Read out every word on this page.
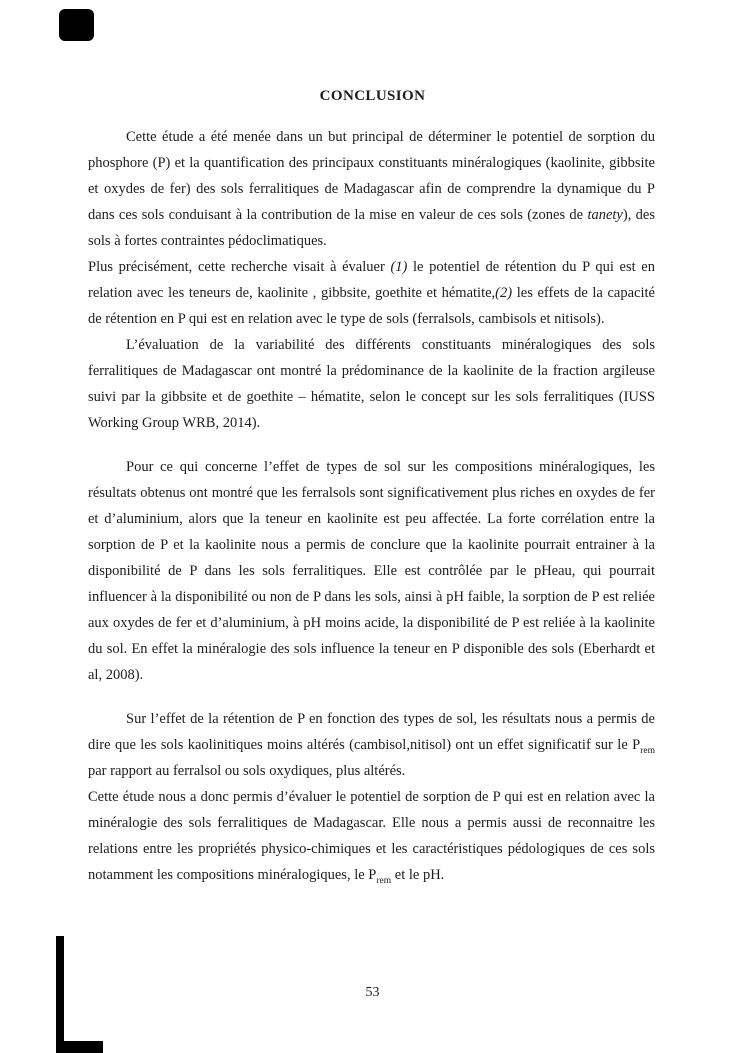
CONCLUSION

Cette étude a été menée dans un but principal de déterminer le potentiel de sorption du phosphore (P) et la quantification des principaux constituants minéralogiques (kaolinite, gibbsite et oxydes de fer) des sols ferralitiques de Madagascar afin de comprendre la dynamique du P dans ces sols conduisant à la contribution de la mise en valeur de ces sols (zones de tanety), des sols à fortes contraintes pédoclimatiques.

Plus précisément, cette recherche visait à évaluer (1) le potentiel de rétention du P qui est en relation avec les teneurs de, kaolinite , gibbsite, goethite et hématite,(2) les effets de la capacité de rétention en P qui est en relation avec le type de sols (ferralsols, cambisols et nitisols).

L’évaluation de la variabilité des différents constituants minéralogiques des sols ferralitiques de Madagascar ont montré la prédominance de la kaolinite de la fraction argileuse suivi par la gibbsite et de goethite – hématite, selon le concept sur les sols ferralitiques (IUSS Working Group WRB, 2014).

Pour ce qui concerne l’effet de types de sol sur les compositions minéralogiques, les résultats obtenus ont montré que les ferralsols sont significativement plus riches en oxydes de fer et d’aluminium, alors que la teneur en kaolinite est peu affectée. La forte corrélation entre la sorption de P et la kaolinite nous a permis de conclure que la kaolinite pourrait entrainer à la disponibilité de P dans les sols ferralitiques. Elle est contrôlée par le pHeau, qui pourrait influencer à la disponibilité ou non de P dans les sols, ainsi à pH faible, la sorption de P est reliée aux oxydes de fer et d’aluminium, à pH moins acide, la disponibilité de P est reliée à la kaolinite du sol. En effet la minéralogie des sols influence la teneur en P disponible des sols (Eberhardt et al, 2008).

Sur l’effet de la rétention de P en fonction des types de sol, les résultats nous a permis de dire que les sols kaolinitiques moins altérés (cambisol,nitisol) ont un effet significatif sur le $P_{rem}$ par rapport au ferralsol ou sols oxydiques, plus altérés.

Cette étude nous a donc permis d’évaluer le potentiel de sorption de P qui est en relation avec la minéralogie des sols ferralitiques de Madagascar. Elle nous a permis aussi de reconnaitre les relations entre les propriétés physico-chimiques et les caractéristiques pédologiques de ces sols notamment les compositions minéralogiques, le $P_{rem}$ et le pH.

53
